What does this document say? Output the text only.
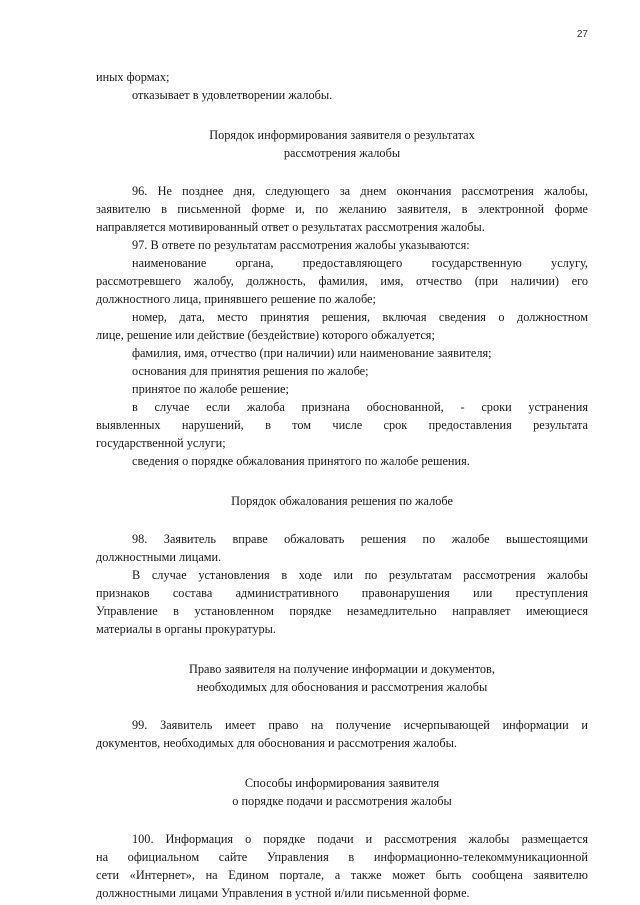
27

иных формах;

отказывает в удовлетворении жалобы.

Порядок информирования заявителя о результатах

рассмотрения жалобы

96. Не позднее дня, следующего за днем окончания рассмотрения жалобы,

заявителю в письменной форме и, по желанию заявителя, в электронной форме

направляется мотивированный ответ о результатах рассмотрения жалобы.

97. В ответе по результатам рассмотрения жалобы указываются:

наименование органа, предоставляющего государственную услугу,

рассмотревшего жалобу, должность, фамилия, имя, отчество (при наличии) его

должностного лица, принявшего решение по жалобе;

номер, дата, место принятия решения, включая сведения о должностном

лице, решение или действие (бездействие) которого обжалуется;

фамилия, имя, отчество (при наличии) или наименование заявителя;

основания для принятия решения по жалобе;

принятое по жалобе решение;

в случае если жалоба признана обоснованной, - сроки устранения

выявленных нарушений, в том числе срок предоставления результата

государственной услуги;

сведения о порядке обжалования принятого по жалобе решения.

Порядок обжалования решения по жалобе

98. Заявитель вправе обжаловать решения по жалобе вышестоящими

должностными лицами.

В случае установления в ходе или по результатам рассмотрения жалобы

признаков состава административного правонарушения или преступления

Управление в установленном порядке незамедлительно направляет имеющиеся

материалы в органы прокуратуры.

Право заявителя на получение информации и документов,

необходимых для обоснования и рассмотрения жалобы

99. Заявитель имеет право на получение исчерпывающей информации и

документов, необходимых для обоснования и рассмотрения жалобы.

Способы информирования заявителя

о порядке подачи и рассмотрения жалобы

100. Информация о порядке подачи и рассмотрения жалобы размещается

на официальном сайте Управления в информационно-телекоммуникационной

сети «Интернет», на Едином портале, а также может быть сообщена заявителю

должностными лицами Управления в устной и/или письменной форме.
